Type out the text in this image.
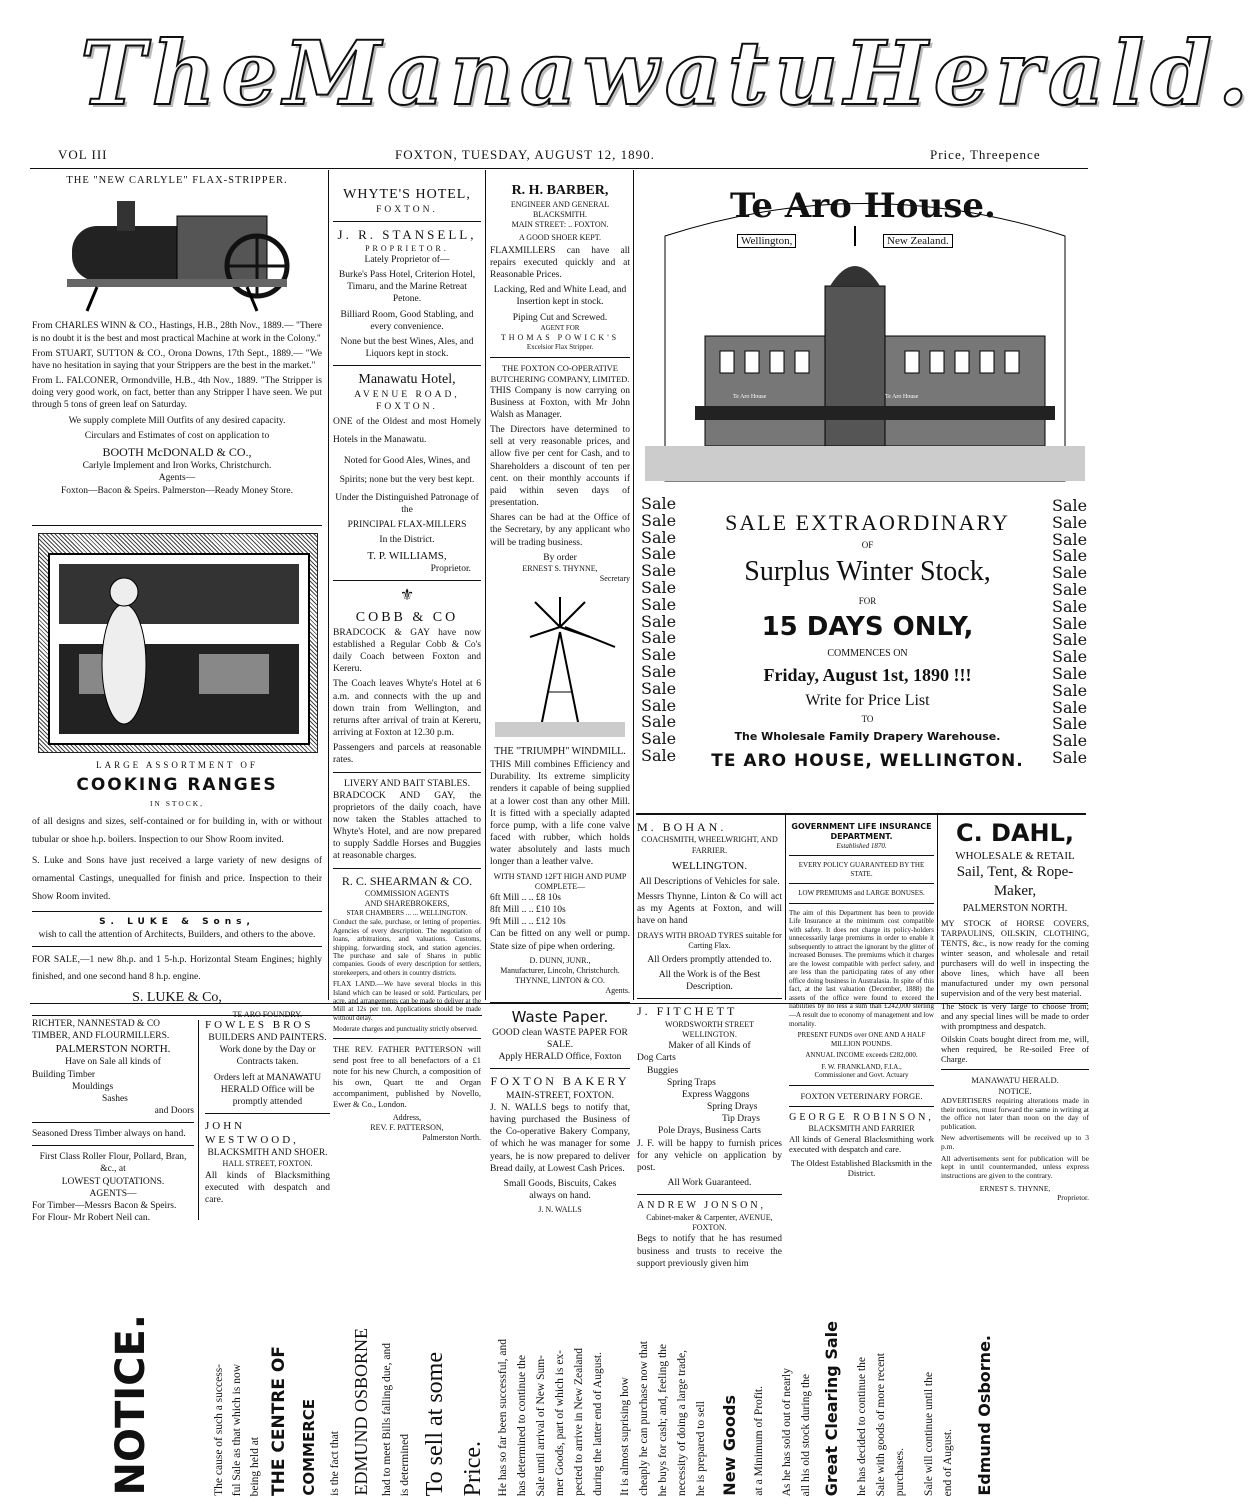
The Manawatu Herald.
VOL III	FOXTON, TUESDAY, AUGUST 12, 1890.	Price, Threepence
THE "NEW CARLYLE" FLAX-STRIPPER.

From CHARLES WINN & CO., Hastings, H.B., 28th Nov., 1889.— "There is no doubt it is the best and most practical Machine at work in the Colony."

From STUART, SUTTON & CO., Orona Downs, 17th Sept., 1889.— "We have no hesitation in saying that your Strippers are the best in the market."

From L. FALCONER, Ormondville, H.B., 4th Nov., 1889. "The Stripper is doing very good work, on fact, better than any Stripper I have seen. We put through 5 tons of green leaf on Saturday.

We supply complete Mill Outfits of any desired capacity.

Circulars and Estimates of cost on application to

BOOTH McDONALD & CO.,
Carlyle Implement and Iron Works, Christchurch.
Agents—
Foxton—Bacon & Speirs. Palmerston—Ready Money Store.
LARGE ASSORTMENT OF
COOKING RANGES
IN STOCK,

of all designs and sizes, self-contained or for building in, with or without tubular or shoe h.p. boilers. Inspection to our Show Room invited.

S. Luke and Sons have just received a large variety of new designs of ornamental Castings, unequalled for finish and price. Inspection to their Show Room invited.

S. LUKE & Sons,

wish to call the attention of Architects, Builders, and others to the above.

FOR SALE,—1 new 8h.p. and 1 5-h.p. Horizontal Steam Engines; highly finished, and one second hand 8 h.p. engine.

S. LUKE & Co,
RICHTER, NANNESTAD & CO
TIMBER, AND FLOURMILLERS.
PALMERSTON NORTH.
Have on Sale all kinds of
Building Timber
Mouldings
Sashes
and Doors
Seasoned Dress Timber always on hand.
First Class Roller Flour, Pollard, Bran, &c., at
LOWEST QUOTATIONS.
AGENTS—
For Timber—Messrs Bacon & Speirs.
For Flour- Mr Robert Neil can.
FOWLES BROS
BUILDERS AND PAINTERS.

Work done by the Day or Contracts taken.

Orders left at MANAWATU HERALD Office will be promptly attended

JOHN WESTWOOD,
BLACKSMITH AND SHOER.
HALL STREET, FOXTON.

All kinds of Blacksmithing executed with despatch and care.

WHYTE'S HOTEL,
FOXTON.
J. R. STANSELL,
PROPRIETOR.

Lately Proprietor of—

Burke's Pass Hotel, Criterion Hotel, Timaru, and the Marine Retreat Petone.

Billiard Room, Good Stabling, and every convenience.

None but the best Wines, Ales, and Liquors kept in stock.

Manawatu Hotel,
AVENUE ROAD,
FOXTON.

ONE of the Oldest and most Homely Hotels in the Manawatu.

Noted for Good Ales, Wines, and Spirits; none but the very best kept.

Under the Distinguished Patronage of the

PRINCIPAL FLAX-MILLERS

In the District.

T. P. WILLIAMS,
Proprietor.
⚜
COBB & CO

BRADCOCK & GAY have now established a Regular Cobb & Co's daily Coach between Foxton and Kereru.

The Coach leaves Whyte's Hotel at 6 a.m. and connects with the up and down train from Wellington, and returns after arrival of train at Kereru, arriving at Foxton at 12.30 p.m.

Passengers and parcels at reasonable rates.

LIVERY AND BAIT STABLES.

BRADCOCK AND GAY, the proprietors of the daily coach, have now taken the Stables attached to Whyte's Hotel, and are now prepared to supply Saddle Horses and Buggies at reasonable charges.

R. C. SHEARMAN & CO.
COMMISSION AGENTS
AND SHAREBROKERS,
STAR CHAMBERS ... ... WELLINGTON.

Conduct the sale, purchase, or letting of properties. Agencies of every description. The negotiation of loans, arbitrations, and valuations. Customs, shipping, forwarding stock, and station agencies. The purchase and sale of Shares in public companies. Goods of every description for settlers, storekeepers, and others in country districts.

FLAX LAND.—We have several blocks in this Island which can be leased or sold. Particulars, per acre, and arrangements can be made to deliver at the Mill at 12s per ton. Applications should be made without delay.

Moderate charges and punctuality strictly observed.

THE REV. FATHER PATTERSON will send post free to all benefactors of a £1 note for his new Church, a composition of his own, Quart tte and Organ accompaniment, published by Novello, Ewer & Co., London.

Address,
REV. F. PATTERSON,
Palmerston North.
R. H. BARBER,
ENGINEER AND GENERAL BLACKSMITH.
MAIN STREET: .. FOXTON.
A GOOD SHOER KEPT.

FLAXMILLERS can have all repairs executed quickly and at Reasonable Prices.

Lacking, Red and White Lead, and Insertion kept in stock.

Piping Cut and Screwed.
AGENT FOR
THOMAS POWICK'S
Excelsior Flax Stripper.
THE FOXTON CO-OPERATIVE BUTCHERING COMPANY, LIMITED.

THIS Company is now carrying on Business at Foxton, with Mr John Walsh as Manager.

The Directors have determined to sell at very reasonable prices, and allow five per cent for Cash, and to Shareholders a discount of ten per cent. on their monthly accounts if paid within seven days of presentation.

Shares can be had at the Office of the Secretary, by any applicant who will be trading business.

By order
ERNEST S. THYNNE,
Secretary
THE "TRIUMPH" WINDMILL.

THIS Mill combines Efficiency and Durability. Its extreme simplicity renders it capable of being supplied at a lower cost than any other Mill. It is fitted with a specially adapted force pump, with a life cone valve faced with rubber, which holds water absolutely and lasts much longer than a leather valve.

WITH STAND 12FT HIGH AND PUMP COMPLETE—
6ft Mill .. .. £8 10s
8ft Mill .. .. £10 10s
9ft Mill .. .. £12 10s

Can be fitted on any well or pump. State size of pipe when ordering.

D. DUNN, JUNR.,
Manufacturer, Lincoln, Christchurch.
THYNNE, LINTON & CO.
Agents.
Waste Paper.
GOOD clean WASTE PAPER FOR SALE.
Apply HERALD Office, Foxton
FOXTON BAKERY
MAIN-STREET, FOXTON.

J. N. WALLS begs to notify that, having purchased the Business of the Co-operative Bakery Company, of which he was manager for some years, he is now prepared to deliver Bread daily, at Lowest Cash Prices.

Small Goods, Biscuits, Cakes always on hand.

J. N. WALLS
Te Aro House.
Wellington,	New Zealand.
Te Aro House	Te Aro House
Sale
Sale
Sale
Sale
Sale
Sale
Sale
Sale
Sale
Sale
Sale
Sale
Sale
Sale
Sale
Sale
Sale
Sale
Sale
Sale
Sale
Sale
Sale
Sale
Sale
Sale
Sale
Sale
Sale
Sale
Sale
Sale
SALE EXTRAORDINARY
OF
Surplus Winter Stock,
FOR
15 DAYS ONLY,
COMMENCES ON
Friday, August 1st, 1890 !!!
Write for Price List
TO
The Wholesale Family Drapery Warehouse.
TE ARO HOUSE, WELLINGTON.
M. BOHAN.
COACHSMITH, WHEELWRIGHT, AND FARRIER.
WELLINGTON.

All Descriptions of Vehicles for sale.

Messrs Thynne, Linton & Co will act as my Agents at Foxton, and will have on hand

DRAYS WITH BROAD TYRES suitable for Carting Flax.

All Orders promptly attended to.

All the Work is of the Best Description.

J. FITCHETT
WORDSWORTH STREET WELLINGTON.
Maker of all Kinds of
Dog Carts
Buggies
Spring Traps
Express Waggons
Spring Drays
Tip Drays
Pole Drays, Business Carts

J. F. will be happy to furnish prices for any vehicle on application by post.

All Work Guaranteed.

ANDREW JONSON,
Cabinet-maker & Carpenter, AVENUE, FOXTON.

Begs to notify that he has resumed business and trusts to receive the support previously given him

GOVERNMENT LIFE INSURANCE DEPARTMENT.
Established 1870.
EVERY POLICY GUARANTEED BY THE STATE.
LOW PREMIUMS and LARGE BONUSES.

The aim of this Department has been to provide Life Insurance at the minimum cost compatible with safety. It does not charge its policy-holders unnecessarily large premiums in order to enable it subsequently to attract the ignorant by the glitter of increased Bonuses. The premiums which it charges are the lowest compatible with perfect safety, and are less than the participating rates of any other office doing business in Australasia. In spite of this fact, at the last valuation (December, 1888) the assets of the office were found to exceed the liabilities by no less a sum than £242,000 sterling—A result due to economy of management and low mortality.

PRESENT FUNDS over ONE AND A HALF MILLION POUNDS.

ANNUAL INCOME exceeds £282,000.

F. W. FRANKLAND, F.I.A.,
Commissioner and Govt. Actuary
FOXTON VETERINARY FORGE.
GEORGE ROBINSON,
BLACKSMITH AND FARRIER

All kinds of General Blacksmithing work executed with despatch and care.

The Oldest Established Blacksmith in the District.

C. DAHL,
WHOLESALE & RETAIL
Sail, Tent, & Rope-Maker,
PALMERSTON NORTH.

MY STOCK of HORSE COVERS, TARPAULINS, OILSKIN, CLOTHING, TENTS, &c., is now ready for the coming winter season, and wholesale and retail purchasers will do well in inspecting the above lines, which have all been manufactured under my own personal supervision and of the very best material.

The Stock is very large to choose from; and any special lines will be made to order with promptness and despatch.

Oilskin Coats bought direct from me, will, when required, be Re-soiled Free of Charge.

MANAWATU HERALD.
NOTICE.

ADVERTISERS requiring alterations made in their notices, must forward the same in writing at the office not later than noon on the day of publication.

New advertisements will be received up to 3 p.m.

All advertisements sent for publication will be kept in until countermanded, unless express instructions are given to the contrary.

ERNEST S. THYNNE,
Proprietor.
NOTICE.	The cause of such a success- ful Sale as that which is now being held at THE CENTRE OF COMMERCE is the fact that EDMUND OSBORNE had to meet Bills falling due, and is determined To sell at some Price. He has so far been successful, and has determined to continue the Sale until arrival of New Sum- mer Goods, part of which is ex- pected to arrive in New Zealand during the latter end of August. It is almost suprising how cheaply he can purchase now that he buys for cash; and, feeling the necessity of doing a large trade, he is prepared to sell New Goods at a Minimum of Profit. As he has sold out of nearly all his old stock during the Great Clearing Sale he has decided to continue the Sale with goods of more recent purchases. Sale will continue until the end of August. Edmund Osborne.
